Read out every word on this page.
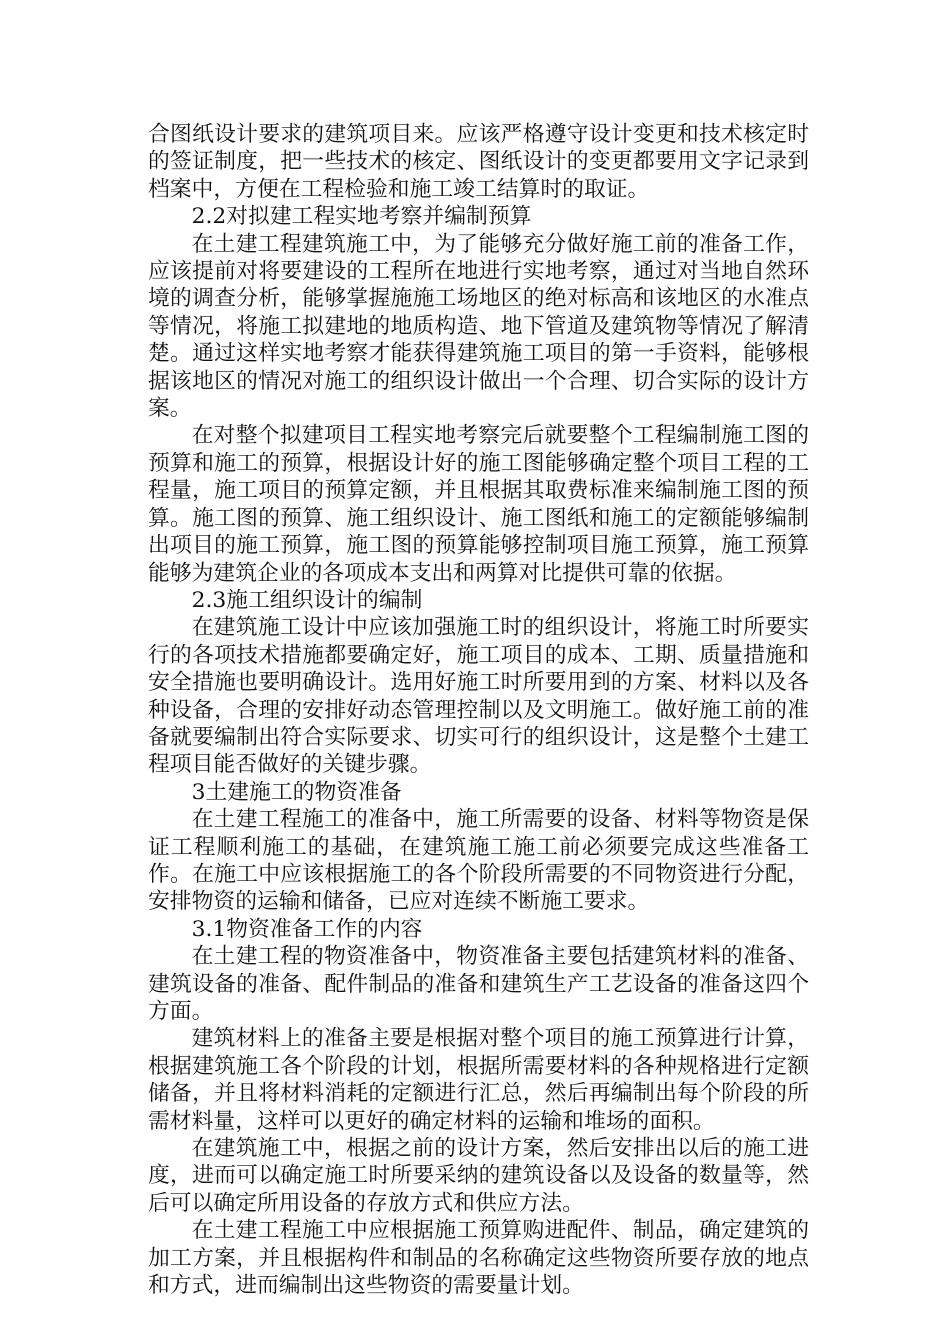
合图纸设计要求的建筑项目来。应该严格遵守设计变更和技术核定时的签证制度，把一些技术的核定、图纸设计的变更都要用文字记录到档案中，方便在工程检验和施工竣工结算时的取证。

2.2对拟建工程实地考察并编制预算

在土建工程建筑施工中，为了能够充分做好施工前的准备工作，应该提前对将要建设的工程所在地进行实地考察，通过对当地自然环境的调查分析，能够掌握施施工场地区的绝对标高和该地区的水准点等情况，将施工拟建地的地质构造、地下管道及建筑物等情况了解清楚。通过这样实地考察才能获得建筑施工项目的第一手资料，能够根据该地区的情况对施工的组织设计做出一个合理、切合实际的设计方案。

在对整个拟建项目工程实地考察完后就要整个工程编制施工图的预算和施工的预算，根据设计好的施工图能够确定整个项目工程的工程量，施工项目的预算定额，并且根据其取费标准来编制施工图的预算。施工图的预算、施工组织设计、施工图纸和施工的定额能够编制出项目的施工预算，施工图的预算能够控制项目施工预算，施工预算能够为建筑企业的各项成本支出和两算对比提供可靠的依据。

2.3施工组织设计的编制

在建筑施工设计中应该加强施工时的组织设计，将施工时所要实行的各项技术措施都要确定好，施工项目的成本、工期、质量措施和安全措施也要明确设计。选用好施工时所要用到的方案、材料以及各种设备，合理的安排好动态管理控制以及文明施工。做好施工前的准备就要编制出符合实际要求、切实可行的组织设计，这是整个土建工程项目能否做好的关键步骤。

3土建施工的物资准备

在土建工程施工的准备中，施工所需要的设备、材料等物资是保证工程顺利施工的基础，在建筑施工施工前必须要完成这些准备工作。在施工中应该根据施工的各个阶段所需要的不同物资进行分配， 安排物资的运输和储备，已应对连续不断施工要求。

3.1物资准备工作的内容

在土建工程的物资准备中，物资准备主要包括建筑材料的准备、建筑设备的准备、配件制品的准备和建筑生产工艺设备的准备这四个方面。

建筑材料上的准备主要是根据对整个项目的施工预算进行计算，根据建筑施工各个阶段的计划，根据所需要材料的各种规格进行定额储备，并且将材料消耗的定额进行汇总，然后再编制出每个阶段的所需材料量，这样可以更好的确定材料的运输和堆场的面积。

在建筑施工中，根据之前的设计方案，然后安排出以后的施工进度，进而可以确定施工时所要采纳的建筑设备以及设备的数量等，然后可以确定所用设备的存放方式和供应方法。

在土建工程施工中应根据施工预算购进配件、制品，确定建筑的加工方案，并且根据构件和制品的名称确定这些物资所要存放的地点和方式，进而编制出这些物资的需要量计划。
